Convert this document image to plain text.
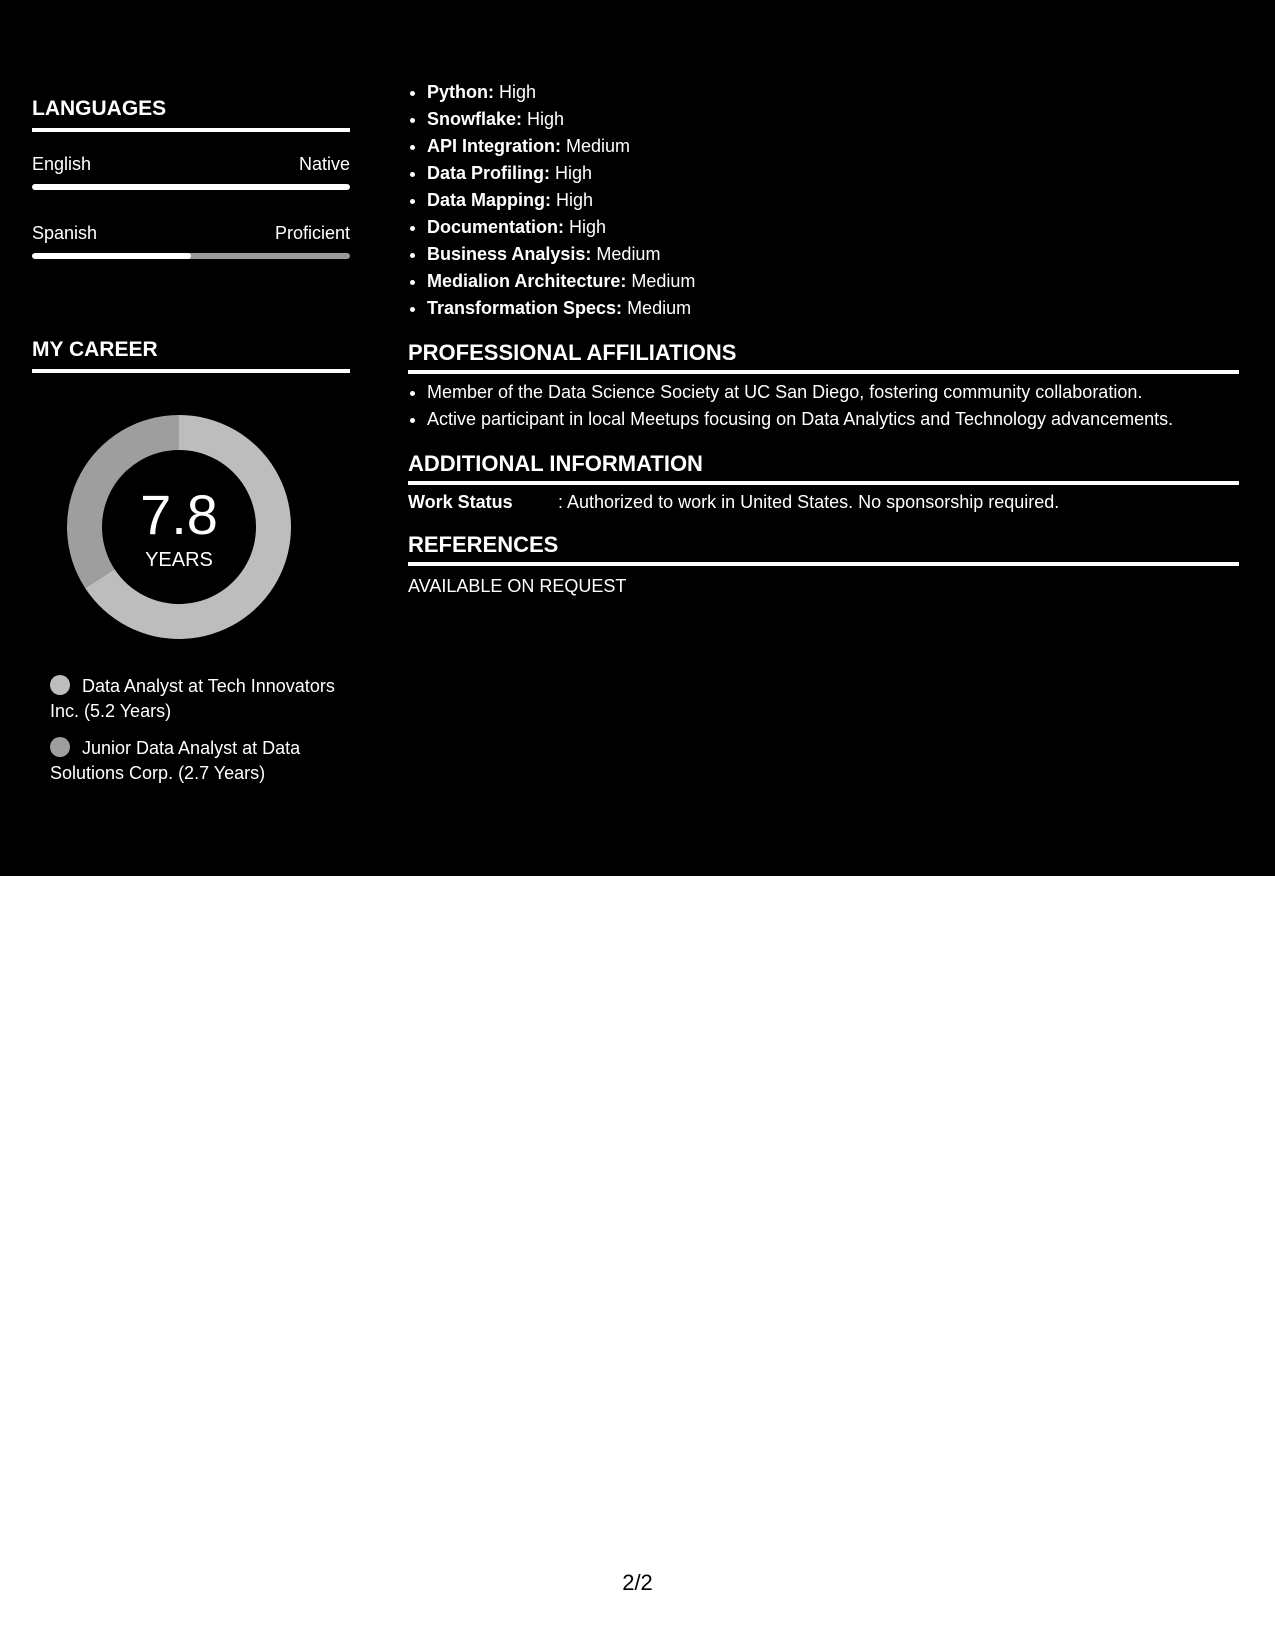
LANGUAGES
English	Native
Spanish	Proficient
MY CAREER
7.8
YEARS
Data Analyst at Tech Innovators Inc. (5.2 Years)
Junior Data Analyst at Data Solutions Corp. (2.7 Years)
• Python: High
• Snowflake: High
• API Integration: Medium
• Data Profiling: High
• Data Mapping: High
• Documentation: High
• Business Analysis: Medium
• Medialion Architecture: Medium
• Transformation Specs: Medium
PROFESSIONAL AFFILIATIONS
• Member of the Data Science Society at UC San Diego, fostering community collaboration.
• Active participant in local Meetups focusing on Data Analytics and Technology advancements.
ADDITIONAL INFORMATION
Work Status	: Authorized to work in United States. No sponsorship required.
REFERENCES
AVAILABLE ON REQUEST
2/2
